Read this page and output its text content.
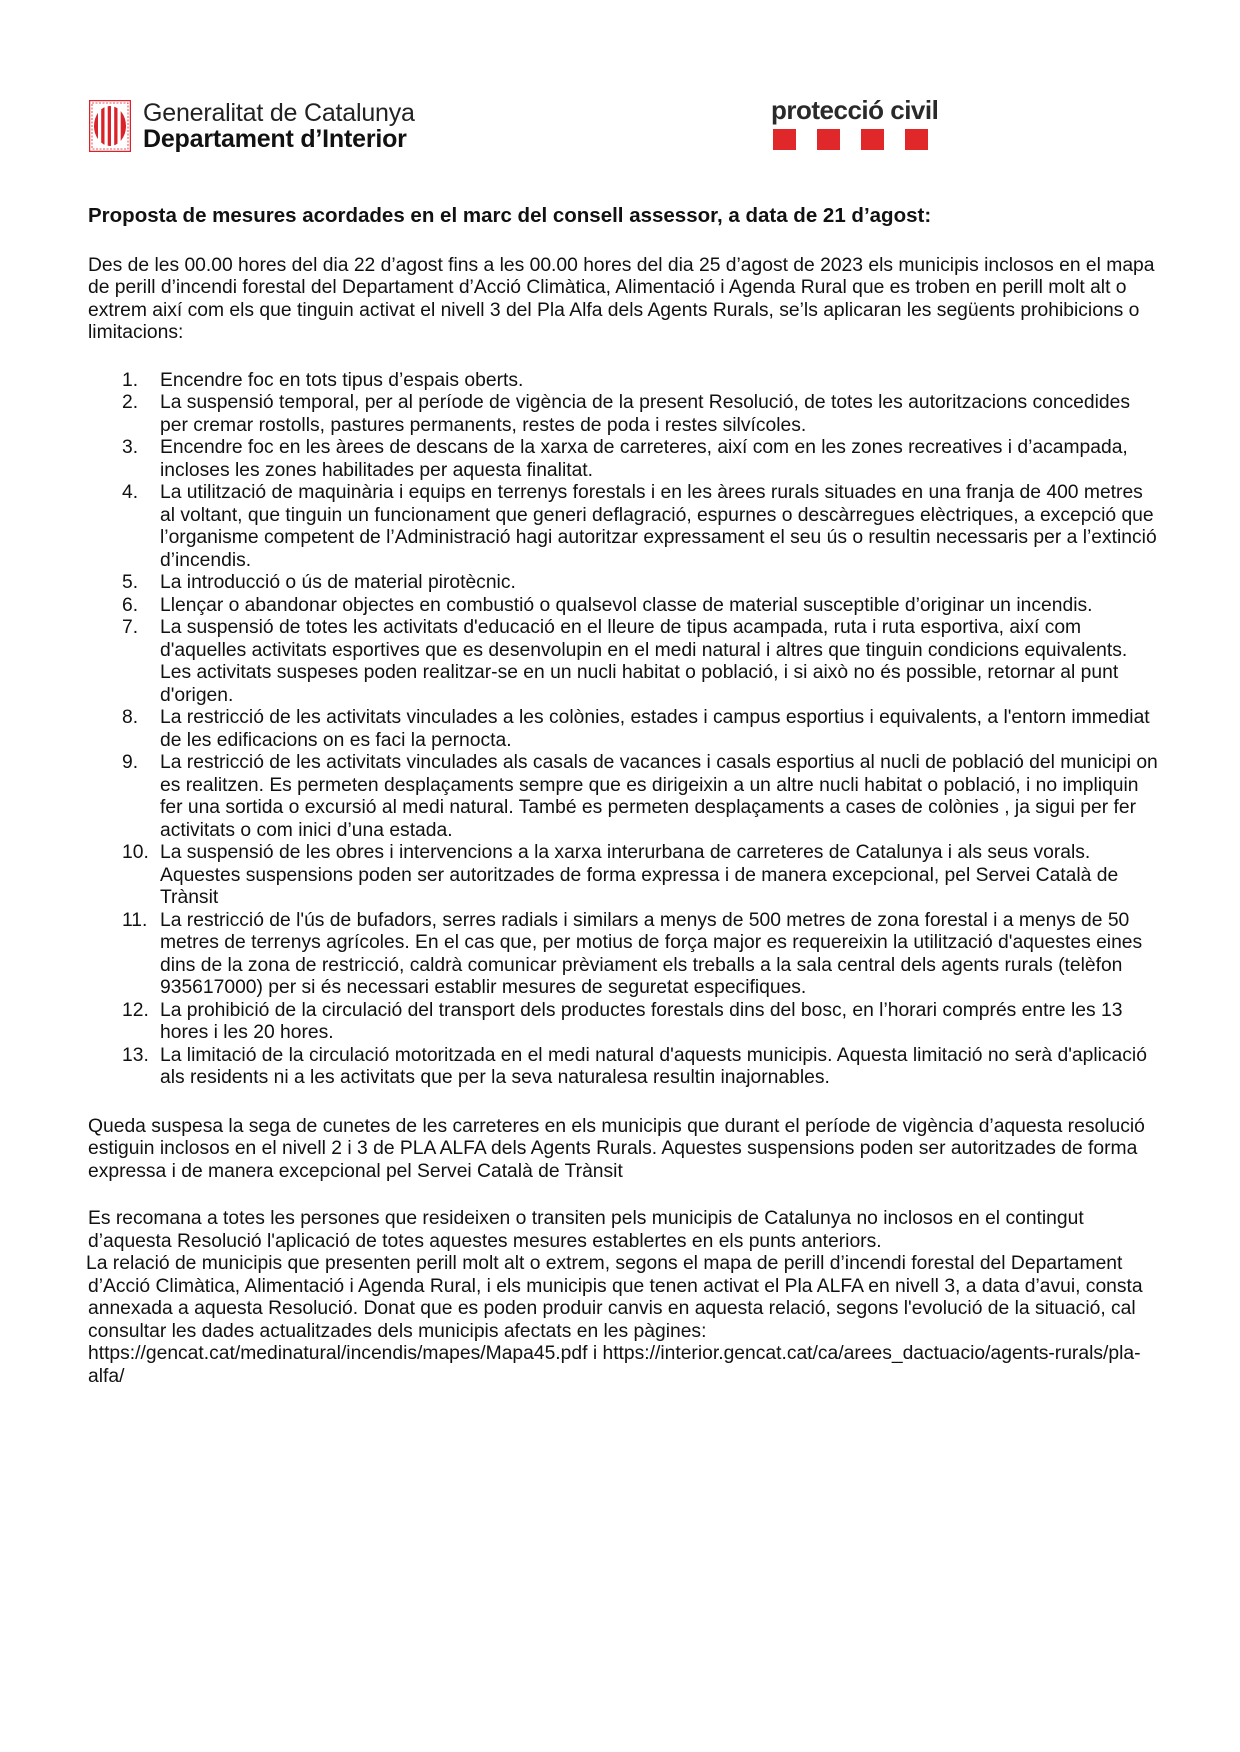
Generalitat de Catalunya
Departament d’Interior
protecció civil
Proposta de mesures acordades en el marc del consell assessor, a data de 21 d’agost:

Des de les 00.00 hores del dia 22 d’agost fins a les 00.00 hores del dia 25 d’agost de 2023 els municipis inclosos en el mapa de perill d’incendi forestal del Departament d’Acció Climàtica, Alimentació i Agenda Rural que es troben en perill molt alt o extrem així com els que tinguin activat el nivell 3 del Pla Alfa dels Agents Rurals, se’ls aplicaran les següents prohibicions o limitacions:

1.	Encendre foc en tots tipus d’espais oberts.
2.	La suspensió temporal, per al període de vigència de la present Resolució, de totes les autoritzacions concedides per cremar rostolls, pastures permanents, restes de poda i restes silvícoles.
3.	Encendre foc en les àrees de descans de la xarxa de carreteres, així com en les zones recreatives i d’acampada, incloses les zones habilitades per aquesta finalitat.
4.	La utilització de maquinària i equips en terrenys forestals i en les àrees rurals situades en una franja de 400 metres al voltant, que tinguin un funcionament que generi deflagració, espurnes o descàrregues elèctriques, a excepció que l’organisme competent de l’Administració hagi autoritzar expressament el seu ús o resultin necessaris per a l’extinció d’incendis.
5.	La introducció o ús de material pirotècnic.
6.	Llençar o abandonar objectes en combustió o qualsevol classe de material susceptible d’originar un incendis.
7.	La suspensió de totes les activitats d'educació en el lleure de tipus acampada, ruta i ruta esportiva, així com d'aquelles activitats esportives que es desenvolupin en el medi natural i altres que tinguin condicions equivalents. Les activitats suspeses poden realitzar-se en un nucli habitat o població, i si això no és possible, retornar al punt d'origen.
8.	La restricció de les activitats vinculades a les colònies, estades i campus esportius i equivalents, a l'entorn immediat de les edificacions on es faci la pernocta.
9.	La restricció de les activitats vinculades als casals de vacances i casals esportius al nucli de població del municipi on es realitzen. Es permeten desplaçaments sempre que es dirigeixin a un altre nucli habitat o població, i no impliquin fer una sortida o excursió al medi natural. També es permeten desplaçaments a cases de colònies , ja sigui per fer activitats o com inici d’una estada.
10. La suspensió de les obres i intervencions a la xarxa interurbana de carreteres de Catalunya i als seus vorals. Aquestes suspensions poden ser autoritzades de forma expressa i de manera excepcional, pel Servei Català de Trànsit
11. La restricció de l'ús de bufadors, serres radials i similars a menys de 500 metres de zona forestal i a menys de 50 metres de terrenys agrícoles. En el cas que, per motius de força major es requereixin la utilització d'aquestes eines dins de la zona de restricció, caldrà comunicar prèviament els treballs a la sala central dels agents rurals (telèfon 935617000) per si és necessari establir mesures de seguretat especifiques.
12. La prohibició de la circulació del transport dels productes forestals dins del bosc, en l’horari comprés entre les 13 hores i les 20 hores.
13. La limitació de la circulació motoritzada en el medi natural d'aquests municipis. Aquesta limitació no serà d'aplicació als residents ni a les activitats que per la seva naturalesa resultin inajornables.

Queda suspesa la sega de cunetes de les carreteres en els municipis que durant el període de vigència d’aquesta resolució estiguin inclosos en el nivell 2 i 3 de PLA ALFA dels Agents Rurals. Aquestes suspensions poden ser autoritzades de forma expressa i de manera excepcional pel Servei Català de Trànsit

Es recomana a totes les persones que resideixen o transiten pels municipis de Catalunya no inclosos en el contingut d’aquesta Resolució l'aplicació de totes aquestes mesures establertes en els punts anteriors.

La relació de municipis que presenten perill molt alt o extrem, segons el mapa de perill d’incendi forestal del Departament d’Acció Climàtica, Alimentació i Agenda Rural, i els municipis que tenen activat el Pla ALFA en nivell 3, a data d’avui, consta annexada a aquesta Resolució. Donat que es poden produir canvis en aquesta relació, segons l'evolució de la situació, cal consultar les dades actualitzades dels municipis afectats en les pàgines: https://gencat.cat/medinatural/incendis/mapes/Mapa45.pdf i https://interior.gencat.cat/ca/arees_dactuacio/agents-rurals/pla-alfa/
